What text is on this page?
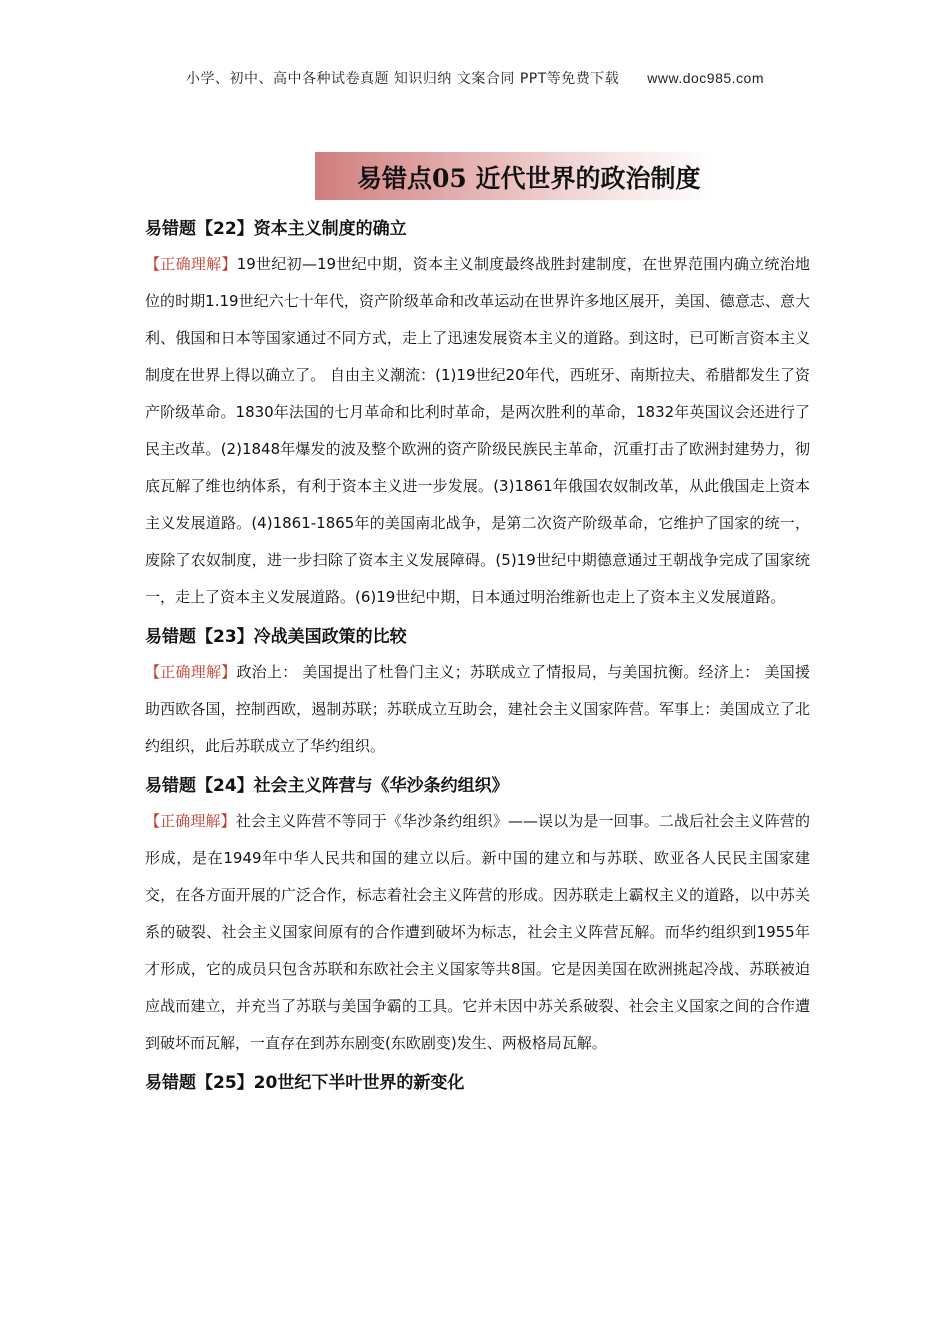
小学、初中、高中各种试卷真题 知识归纳 文案合同 PPT等免费下载 www.doc985.com
易错点05 近代世界的政治制度

易错题【22】资本主义制度的确立

【正确理解】19世纪初—19世纪中期，资本主义制度最终战胜封建制度，在世界范围内确立统治地位的时期1.19世纪六七十年代，资产阶级革命和改革运动在世界许多地区展开，美国、德意志、意大利、俄国和日本等国家通过不同方式，走上了迅速发展资本主义的道路。到这时，已可断言资本主义制度在世界上得以确立了。 自由主义潮流：(1)19世纪20年代，西班牙、南斯拉夫、希腊都发生了资产阶级革命。1830年法国的七月革命和比利时革命，是两次胜利的革命，1832年英国议会还进行了民主改革。(2)1848年爆发的波及整个欧洲的资产阶级民族民主革命，沉重打击了欧洲封建势力，彻底瓦解了维也纳体系，有利于资本主义进一步发展。(3)1861年俄国农奴制改革，从此俄国走上资本主义发展道路。(4)1861-1865年的美国南北战争，是第二次资产阶级革命，它维护了国家的统一，废除了农奴制度，进一步扫除了资本主义发展障碍。(5)19世纪中期德意通过王朝战争完成了国家统一，走上了资本主义发展道路。(6)19世纪中期，日本通过明治维新也走上了资本主义发展道路。

易错题【23】冷战美国政策的比较

【正确理解】政治上： 美国提出了杜鲁门主义；苏联成立了情报局，与美国抗衡。经济上： 美国援助西欧各国，控制西欧，遏制苏联；苏联成立互助会，建社会主义国家阵营。军事上：美国成立了北约组织，此后苏联成立了华约组织。

易错题【24】社会主义阵营与《华沙条约组织》

【正确理解】社会主义阵营不等同于《华沙条约组织》——误以为是一回事。二战后社会主义阵营的形成，是在1949年中华人民共和国的建立以后。新中国的建立和与苏联、欧亚各人民民主国家建交，在各方面开展的广泛合作，标志着社会主义阵营的形成。因苏联走上霸权主义的道路，以中苏关系的破裂、社会主义国家间原有的合作遭到破坏为标志，社会主义阵营瓦解。而华约组织到1955年才形成，它的成员只包含苏联和东欧社会主义国家等共8国。它是因美国在欧洲挑起冷战、苏联被迫应战而建立，并充当了苏联与美国争霸的工具。它并未因中苏关系破裂、社会主义国家之间的合作遭到破坏而瓦解，一直存在到苏东剧变(东欧剧变)发生、两极格局瓦解。

易错题【25】20世纪下半叶世界的新变化
